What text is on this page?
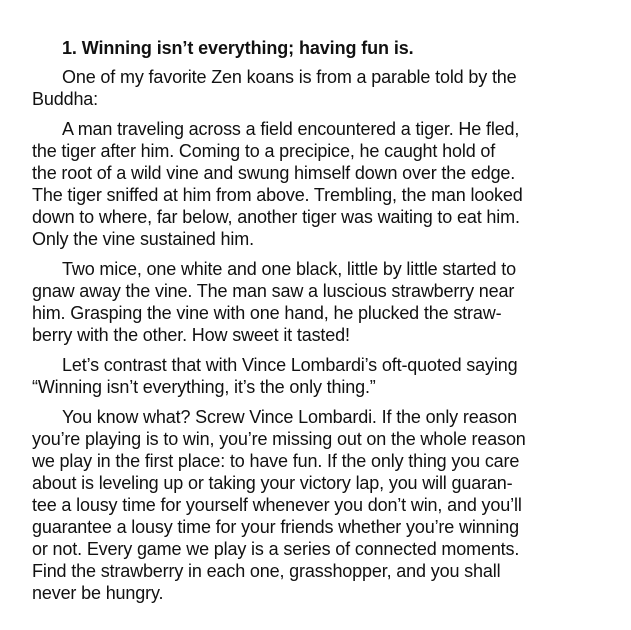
1. Winning isn’t everything; having fun is.
One of my favorite Zen koans is from a parable told by the
Buddha:
A man traveling across a field encountered a tiger. He fled,
the tiger after him. Coming to a precipice, he caught hold of
the root of a wild vine and swung himself down over the edge.
The tiger sniffed at him from above. Trembling, the man looked
down to where, far below, another tiger was waiting to eat him.
Only the vine sustained him.
Two mice, one white and one black, little by little started to
gnaw away the vine. The man saw a luscious strawberry near
him. Grasping the vine with one hand, he plucked the straw-
berry with the other. How sweet it tasted!
Let’s contrast that with Vince Lombardi’s oft-quoted saying
“Winning isn’t everything, it’s the only thing.”
You know what? Screw Vince Lombardi. If the only reason
you’re playing is to win, you’re missing out on the whole reason
we play in the first place: to have fun. If the only thing you care
about is leveling up or taking your victory lap, you will guaran-
tee a lousy time for yourself whenever you don’t win, and you’ll
guarantee a lousy time for your friends whether you’re winning
or not. Every game we play is a series of connected moments.
Find the strawberry in each one, grasshopper, and you shall
never be hungry.
